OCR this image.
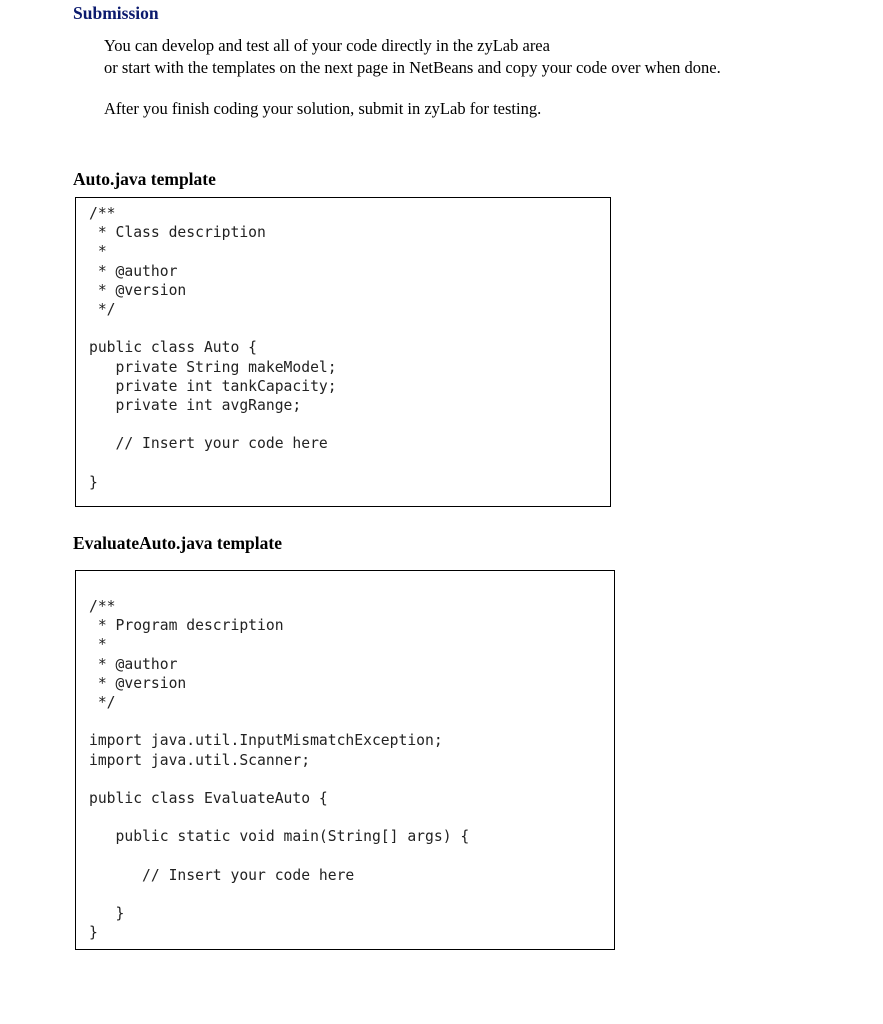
Submission
You can develop and test all of your code directly in the zyLab area
or start with the templates on the next page in NetBeans and copy your code over when done.
After you finish coding your solution, submit in zyLab for testing.
Auto.java template
/**
* Class description
*
* @author
* @version
*/

public class Auto {
private String makeModel;
private int tankCapacity;
private int avgRange;

// Insert your code here

}
EvaluateAuto.java template
/**
* Program description
*
* @author
* @version
*/

import java.util.InputMismatchException;
import java.util.Scanner;

public class EvaluateAuto {

public static void main(String[] args) {

// Insert your code here

}
}
